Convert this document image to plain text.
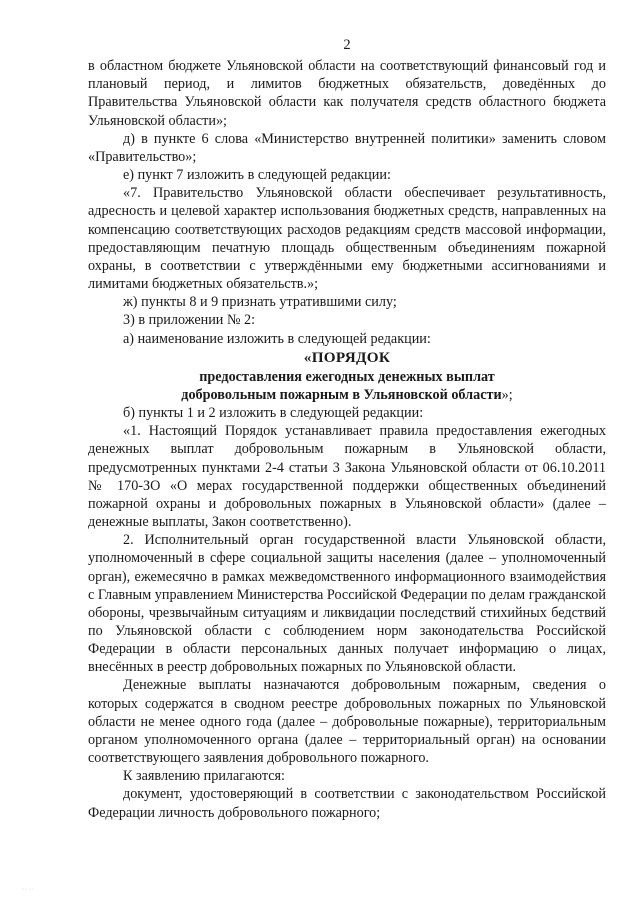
2

в областном бюджете Ульяновской области на соответствующий финансовый год и плановый период, и лимитов бюджетных обязательств, доведённых до Правительства Ульяновской области как получателя средств областного бюджета Ульяновской области»;

д) в пункте 6 слова «Министерство внутренней политики» заменить словом «Правительство»;

е) пункт 7 изложить в следующей редакции:

«7. Правительство Ульяновской области обеспечивает результативность, адресность и целевой характер использования бюджетных средств, направленных на компенсацию соответствующих расходов редакциям средств массовой информации, предоставляющим печатную площадь общественным объединениям пожарной охраны, в соответствии с утверждёнными ему бюджетными ассигнованиями и лимитами бюджетных обязательств.»;

ж) пункты 8 и 9 признать утратившими силу;

3) в приложении № 2:

а) наименование изложить в следующей редакции:

«ПОРЯДОК
предоставления ежегодных денежных выплат
добровольным пожарным в Ульяновской области»;

б) пункты 1 и 2 изложить в следующей редакции:

«1. Настоящий Порядок устанавливает правила предоставления ежегодных денежных выплат добровольным пожарным в Ульяновской области, предусмотренных пунктами 2-4 статьи 3 Закона Ульяновской области от 06.10.2011 № 170-ЗО «О мерах государственной поддержки общественных объединений пожарной охраны и добровольных пожарных в Ульяновской области» (далее – денежные выплаты, Закон соответственно).

2. Исполнительный орган государственной власти Ульяновской области, уполномоченный в сфере социальной защиты населения (далее – уполномоченный орган), ежемесячно в рамках межведомственного информационного взаимодействия с Главным управлением Министерства Российской Федерации по делам гражданской обороны, чрезвычайным ситуациям и ликвидации последствий стихийных бедствий по Ульяновской области с соблюдением норм законодательства Российской Федерации в области персональных данных получает информацию о лицах, внесённых в реестр добровольных пожарных по Ульяновской области.

Денежные выплаты назначаются добровольным пожарным, сведения о которых содержатся в сводном реестре добровольных пожарных по Ульяновской области не менее одного года (далее – добровольные пожарные), территориальным органом уполномоченного органа (далее – территориальный орган) на основании соответствующего заявления добровольного пожарного.

К заявлению прилагаются:

документ, удостоверяющий в соответствии с законодательством Российской Федерации личность добровольного пожарного;

·· ··
